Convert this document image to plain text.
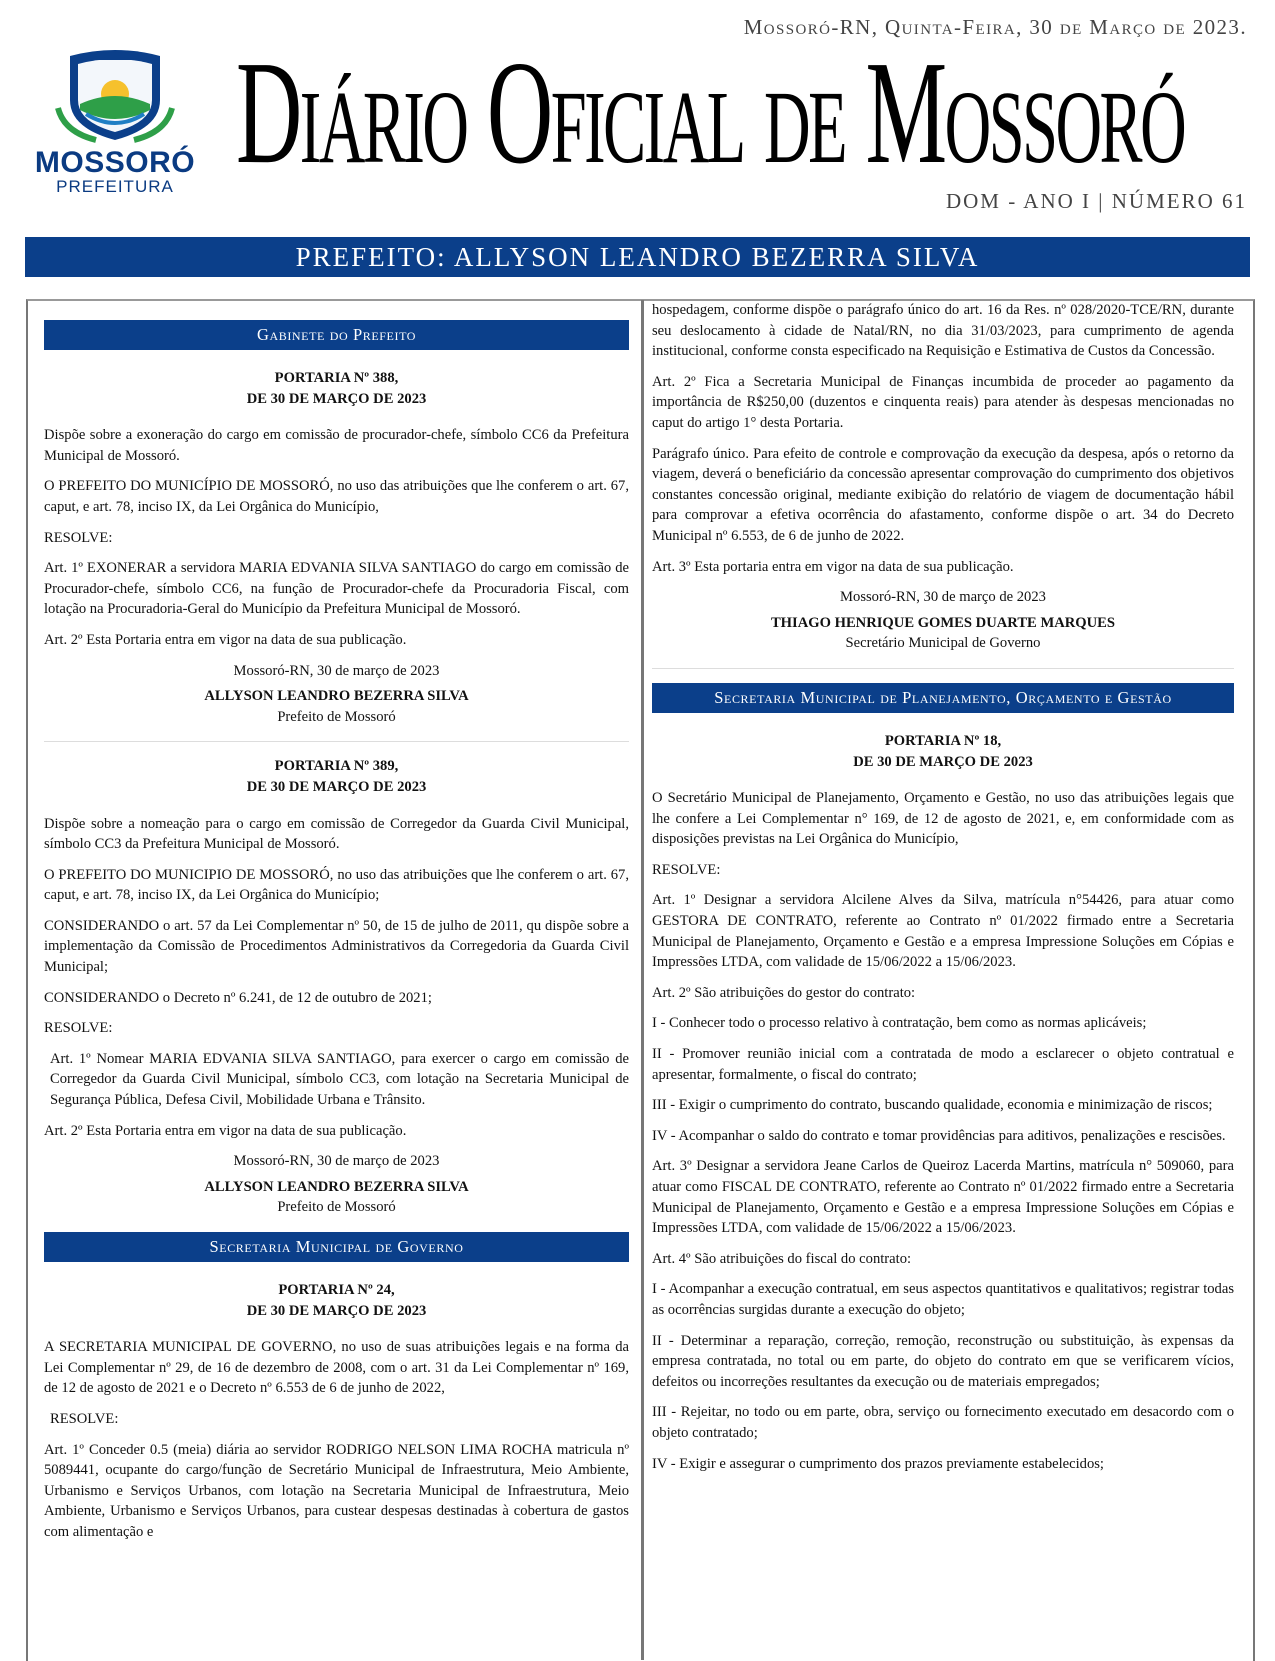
MOSSORÓ
PREFEITURA
Mossoró-RN, Quinta-Feira, 30 de Março de 2023.
Diário Oficial de Mossoró
DOM - ANO I | NÚMERO 61
PREFEITO: ALLYSON LEANDRO BEZERRA SILVA
Gabinete do Prefeito
PORTARIA Nº 388,
DE 30 DE MARÇO DE 2023

Dispõe sobre a exoneração do cargo em comissão de procurador-chefe, símbolo CC6 da Prefeitura Municipal de Mossoró.

O PREFEITO DO MUNICÍPIO DE MOSSORÓ, no uso das atribuições que lhe conferem o art. 67, caput, e art. 78, inciso IX, da Lei Orgânica do Município,

RESOLVE:

Art. 1º EXONERAR a servidora MARIA EDVANIA SILVA SANTIAGO do cargo em comissão de Procurador-chefe, símbolo CC6, na função de Procurador-chefe da Procuradoria Fiscal, com lotação na Procuradoria-Geral do Município da Prefeitura Municipal de Mossoró.

Art. 2º Esta Portaria entra em vigor na data de sua publicação.

Mossoró-RN, 30 de março de 2023
ALLYSON LEANDRO BEZERRA SILVA
Prefeito de Mossoró
PORTARIA Nº 389,
DE 30 DE MARÇO DE 2023

Dispõe sobre a nomeação para o cargo em comissão de Corregedor da Guarda Civil Municipal, símbolo CC3 da Prefeitura Municipal de Mossoró.

O PREFEITO DO MUNICIPIO DE MOSSORÓ, no uso das atribuições que lhe conferem o art. 67, caput, e art. 78, inciso IX, da Lei Orgânica do Município;

CONSIDERANDO o art. 57 da Lei Complementar nº 50, de 15 de julho de 2011, qu dispõe sobre a implementação da Comissão de Procedimentos Administrativos da Corregedoria da Guarda Civil Municipal;

CONSIDERANDO o Decreto nº 6.241, de 12 de outubro de 2021;

RESOLVE:

Art. 1º Nomear MARIA EDVANIA SILVA SANTIAGO, para exercer o cargo em comissão de Corregedor da Guarda Civil Municipal, símbolo CC3, com lotação na Secretaria Municipal de Segurança Pública, Defesa Civil, Mobilidade Urbana e Trânsito.

Art. 2º Esta Portaria entra em vigor na data de sua publicação.

Mossoró-RN, 30 de março de 2023
ALLYSON LEANDRO BEZERRA SILVA
Prefeito de Mossoró
Secretaria Municipal de Governo
PORTARIA Nº 24,
DE 30 DE MARÇO DE 2023

A SECRETARIA MUNICIPAL DE GOVERNO, no uso de suas atribuições legais e na forma da Lei Complementar nº 29, de 16 de dezembro de 2008, com o art. 31 da Lei Complementar nº 169, de 12 de agosto de 2021 e o Decreto nº 6.553 de 6 de junho de 2022,

RESOLVE:

Art. 1º Conceder 0.5 (meia) diária ao servidor RODRIGO NELSON LIMA ROCHA matricula nº 5089441, ocupante do cargo/função de Secretário Municipal de Infraestrutura, Meio Ambiente, Urbanismo e Serviços Urbanos, com lotação na Secretaria Municipal de Infraestrutura, Meio Ambiente, Urbanismo e Serviços Urbanos, para custear despesas destinadas à cobertura de gastos com alimentação e

hospedagem, conforme dispõe o parágrafo único do art. 16 da Res. nº 028/2020-TCE/RN, durante seu deslocamento à cidade de Natal/RN, no dia 31/03/2023, para cumprimento de agenda institucional, conforme consta especificado na Requisição e Estimativa de Custos da Concessão.

Art. 2º Fica a Secretaria Municipal de Finanças incumbida de proceder ao pagamento da importância de R$250,00 (duzentos e cinquenta reais) para atender às despesas mencionadas no caput do artigo 1° desta Portaria.

Parágrafo único. Para efeito de controle e comprovação da execução da despesa, após o retorno da viagem, deverá o beneficiário da concessão apresentar comprovação do cumprimento dos objetivos constantes concessão original, mediante exibição do relatório de viagem de documentação hábil para comprovar a efetiva ocorrência do afastamento, conforme dispõe o art. 34 do Decreto Municipal nº 6.553, de 6 de junho de 2022.

Art. 3º Esta portaria entra em vigor na data de sua publicação.

Mossoró-RN, 30 de março de 2023
THIAGO HENRIQUE GOMES DUARTE MARQUES
Secretário Municipal de Governo
Secretaria Municipal de Planejamento, Orçamento e Gestão
PORTARIA Nº 18,
DE 30 DE MARÇO DE 2023

O Secretário Municipal de Planejamento, Orçamento e Gestão, no uso das atribuições legais que lhe confere a Lei Complementar n° 169, de 12 de agosto de 2021, e, em conformidade com as disposições previstas na Lei Orgânica do Município,

RESOLVE:

Art. 1º Designar a servidora Alcilene Alves da Silva, matrícula n°54426, para atuar como GESTORA DE CONTRATO, referente ao Contrato nº 01/2022 firmado entre a Secretaria Municipal de Planejamento, Orçamento e Gestão e a empresa Impressione Soluções em Cópias e Impressões LTDA, com validade de 15/06/2022 a 15/06/2023.

Art. 2º São atribuições do gestor do contrato:

I - Conhecer todo o processo relativo à contratação, bem como as normas aplicáveis;

II - Promover reunião inicial com a contratada de modo a esclarecer o objeto contratual e apresentar, formalmente, o fiscal do contrato;

III - Exigir o cumprimento do contrato, buscando qualidade, economia e minimização de riscos;

IV - Acompanhar o saldo do contrato e tomar providências para aditivos, penalizações e rescisões.

Art. 3º Designar a servidora Jeane Carlos de Queiroz Lacerda Martins, matrícula n° 509060, para atuar como FISCAL DE CONTRATO, referente ao Contrato nº 01/2022 firmado entre a Secretaria Municipal de Planejamento, Orçamento e Gestão e a empresa Impressione Soluções em Cópias e Impressões LTDA, com validade de 15/06/2022 a 15/06/2023.

Art. 4º São atribuições do fiscal do contrato:

I - Acompanhar a execução contratual, em seus aspectos quantitativos e qualitativos; registrar todas as ocorrências surgidas durante a execução do objeto;

II - Determinar a reparação, correção, remoção, reconstrução ou substituição, às expensas da empresa contratada, no total ou em parte, do objeto do contrato em que se verificarem vícios, defeitos ou incorreções resultantes da execução ou de materiais empregados;

III - Rejeitar, no todo ou em parte, obra, serviço ou fornecimento executado em desacordo com o objeto contratado;

IV - Exigir e assegurar o cumprimento dos prazos previamente estabelecidos;
